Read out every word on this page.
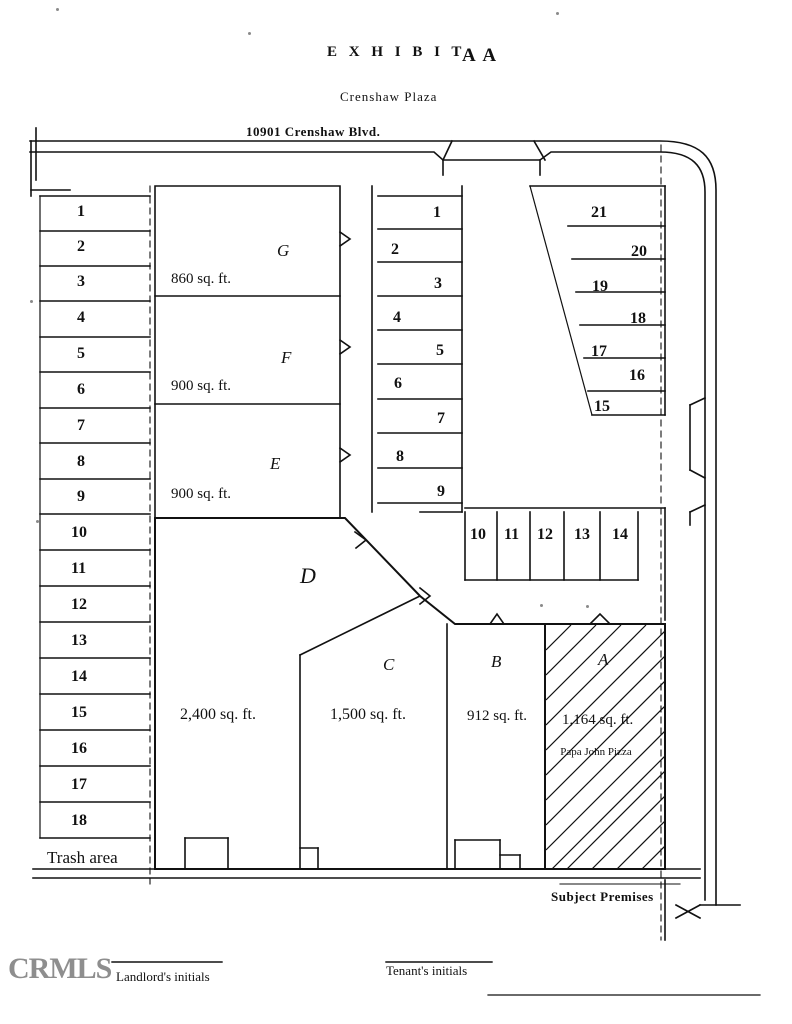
E X H I B I T
A A
Crenshaw Plaza
10901 Crenshaw Blvd.
1
2
3
4
5
6
7
8
9
10
11
12
13
14
15
16
17
18
1
2
3
4
5
6
7
8
9
21
20
19
18
17
16
15
10 11 12 13 14
G
860 sq. ft.
F
900 sq. ft.
E
900 sq. ft.
D
2,400 sq. ft.
C
1,500 sq. ft.
B
912 sq. ft.
A
1,164 sq. ft.
Papa John Pizza
Trash area
Subject Premises
CRMLS Landlord's initials	Tenant's initials
